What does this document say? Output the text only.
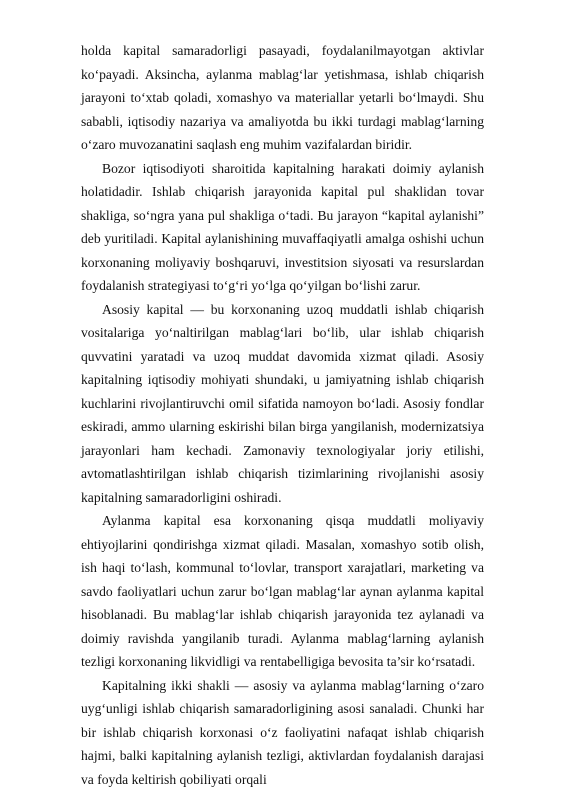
holda kapital samaradorligi pasayadi, foydalanilmayotgan aktivlar ko‘payadi. Aksincha, aylanma mablag‘lar yetishmasa, ishlab chiqarish jarayoni to‘xtab qoladi, xomashyo va materiallar yetarli bo‘lmaydi. Shu sababli, iqtisodiy nazariya va amaliyotda bu ikki turdagi mablag‘larning o‘zaro muvozanatini saqlash eng muhim vazifalardan biridir.

Bozor iqtisodiyoti sharoitida kapitalning harakati doimiy aylanish holatidadir. Ishlab chiqarish jarayonida kapital pul shaklidan tovar shakliga, so‘ngra yana pul shakliga o‘tadi. Bu jarayon “kapital aylanishi” deb yuritiladi. Kapital aylanishining muvaffaqiyatli amalga oshishi uchun korxonaning moliyaviy boshqaruvi, investitsion siyosati va resurslardan foydalanish strategiyasi to‘g‘ri yo‘lga qo‘yilgan bo‘lishi zarur.

Asosiy kapital — bu korxonaning uzoq muddatli ishlab chiqarish vositalariga yo‘naltirilgan mablag‘lari bo‘lib, ular ishlab chiqarish quvvatini yaratadi va uzoq muddat davomida xizmat qiladi. Asosiy kapitalning iqtisodiy mohiyati shundaki, u jamiyatning ishlab chiqarish kuchlarini rivojlantiruvchi omil sifatida namoyon bo‘ladi. Asosiy fondlar eskiradi, ammo ularning eskirishi bilan birga yangilanish, modernizatsiya jarayonlari ham kechadi. Zamonaviy texnologiyalar joriy etilishi, avtomatlashtirilgan ishlab chiqarish tizimlarining rivojlanishi asosiy kapitalning samaradorligini oshiradi.

Aylanma kapital esa korxonaning qisqa muddatli moliyaviy ehtiyojlarini qondirishga xizmat qiladi. Masalan, xomashyo sotib olish, ish haqi to‘lash, kommunal to‘lovlar, transport xarajatlari, marketing va savdo faoliyatlari uchun zarur bo‘lgan mablag‘lar aynan aylanma kapital hisoblanadi. Bu mablag‘lar ishlab chiqarish jarayonida tez aylanadi va doimiy ravishda yangilanib turadi. Aylanma mablag‘larning aylanish tezligi korxonaning likvidligi va rentabelligiga bevosita ta’sir ko‘rsatadi.

Kapitalning ikki shakli — asosiy va aylanma mablag‘larning o‘zaro uyg‘unligi ishlab chiqarish samaradorligining asosi sanaladi. Chunki har bir ishlab chiqarish korxonasi o‘z faoliyatini nafaqat ishlab chiqarish hajmi, balki kapitalning aylanish tezligi, aktivlardan foydalanish darajasi va foyda keltirish qobiliyati orqali
